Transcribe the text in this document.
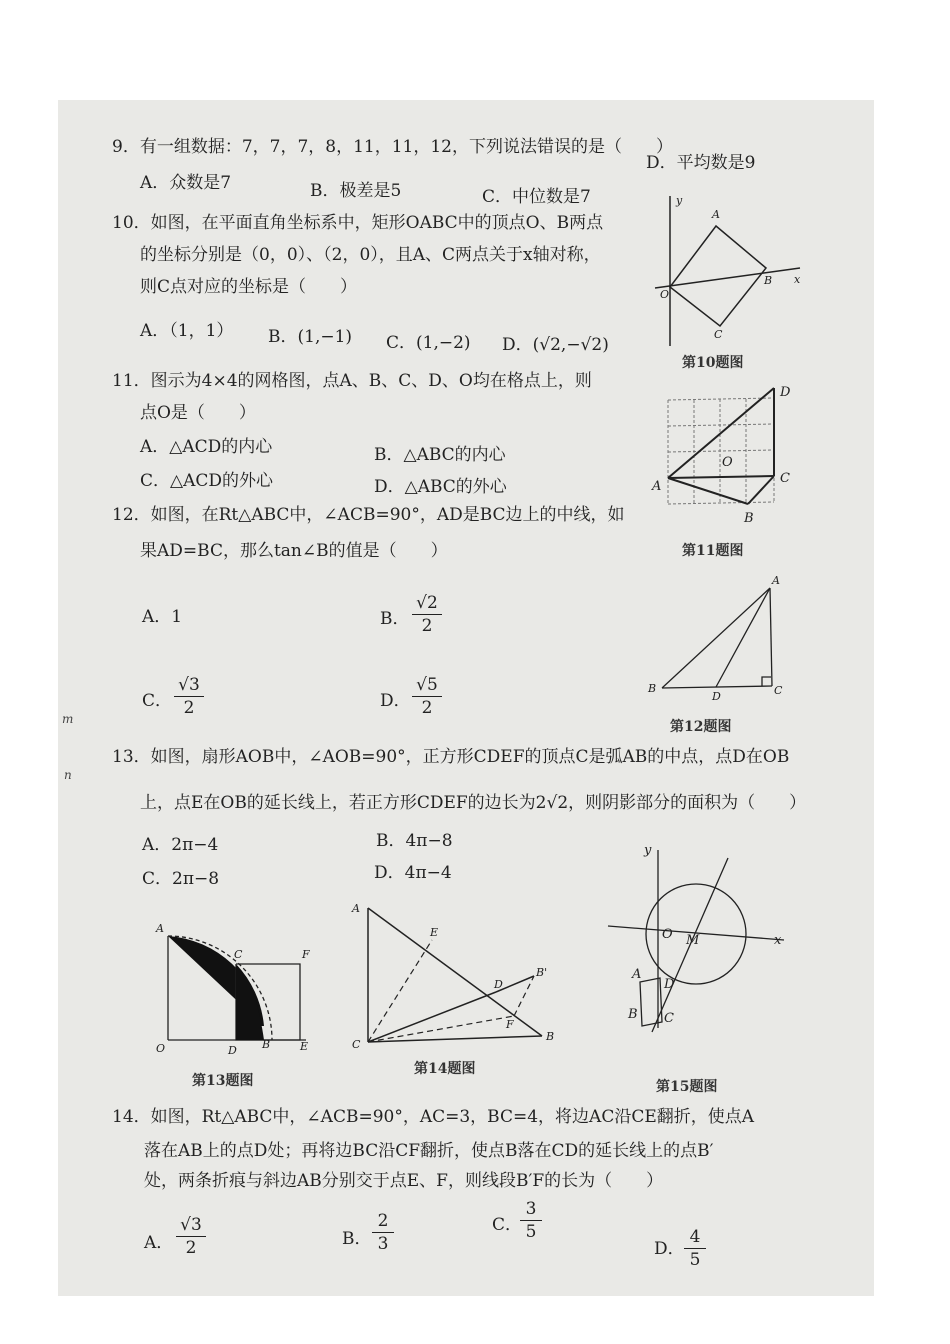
m
n
9．有一组数据：7，7，7，8，11，11，12，下列说法错误的是（　　）
A．众数是7	B．极差是5	C．中位数是7
D．平均数是9
10．如图，在平面直角坐标系中，矩形OABC中的顶点O、B两点
的坐标分别是（0，0）、（2，0），且A、C两点关于x轴对称，
则C点对应的坐标是（　　）
A．（1，1） B．(1,−1) C．(1,−2) D．(√2,−√2)
y
x
O
A
B
C
第10题图
11．图示为4×4的网格图，点A、B、C、D、O均在格点上，则
点O是（　　）
A．△ACD的内心	B．△ABC的内心
C．△ACD的外心	D．△ABC的外心	A
B
C
D
O
第11题图
12．如图，在Rt△ABC中，∠ACB=90°，AD是BC边上的中线，如
果AD=BC，那么tan∠B的值是（　　）
A．1	B． $\frac{√2}{2}$
C． $\frac{√3}{2}$	D． $\frac{√5}{2}$
A
B	C
D
第12题图
13．如图，扇形AOB中，∠AOB=90°，正方形CDEF的顶点C是弧AB的中点，点D在OB
上，点E在OB的延长线上，若正方形CDEF的边长为2√2，则阴影部分的面积为（　　）
A．2π−4	B．4π−8
C．2π−8	D．4π−4
A
C	F
O	D B	E
第13题图
A
E
B'
D
F
C
B
第14题图
y
x
O M
A
D
B C
第15题图
14．如图，Rt△ABC中，∠ACB=90°，AC=3，BC=4，将边AC沿CE翻折，使点A
落在AB上的点D处；再将边BC沿CF翻折，使点B落在CD的延长线上的点B′
处，两条折痕与斜边AB分别交于点E、F，则线段B′F的长为（　　）
A． $\frac{√3}{2}$	B． $\frac{2}{3}$	C．
$\frac{3}{5}$
D． $\frac{4}{5}$
